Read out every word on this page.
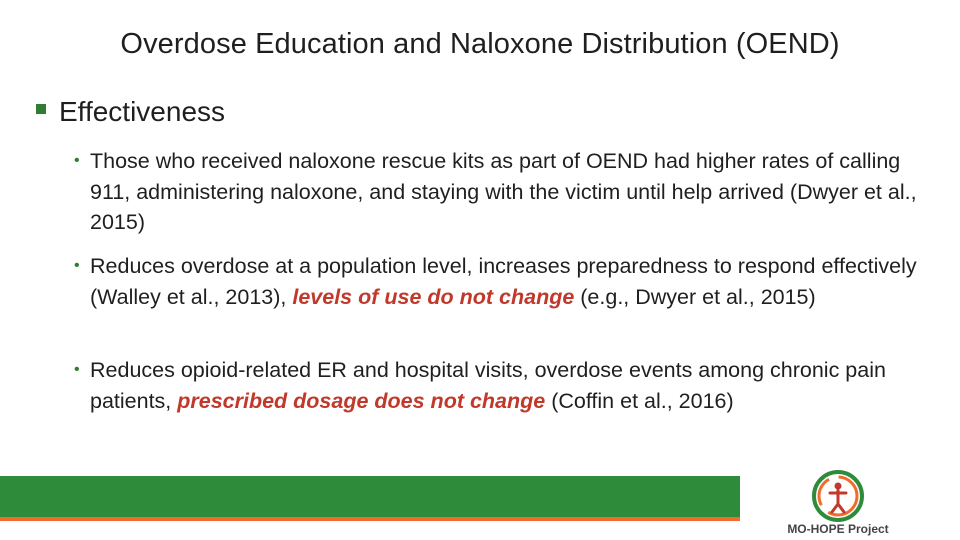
Overdose Education and Naloxone Distribution (OEND)
Effectiveness
• Those who received naloxone rescue kits as part of OEND had higher rates of calling 911, administering naloxone, and staying with the victim until help arrived (Dwyer et al., 2015)
• Reduces overdose at a population level, increases preparedness to respond effectively (Walley et al., 2013), levels of use do not change (e.g., Dwyer et al., 2015)
• Reduces opioid-related ER and hospital visits, overdose events among chronic pain patients, prescribed dosage does not change (Coffin et al., 2016)
MO-HOPE Project
